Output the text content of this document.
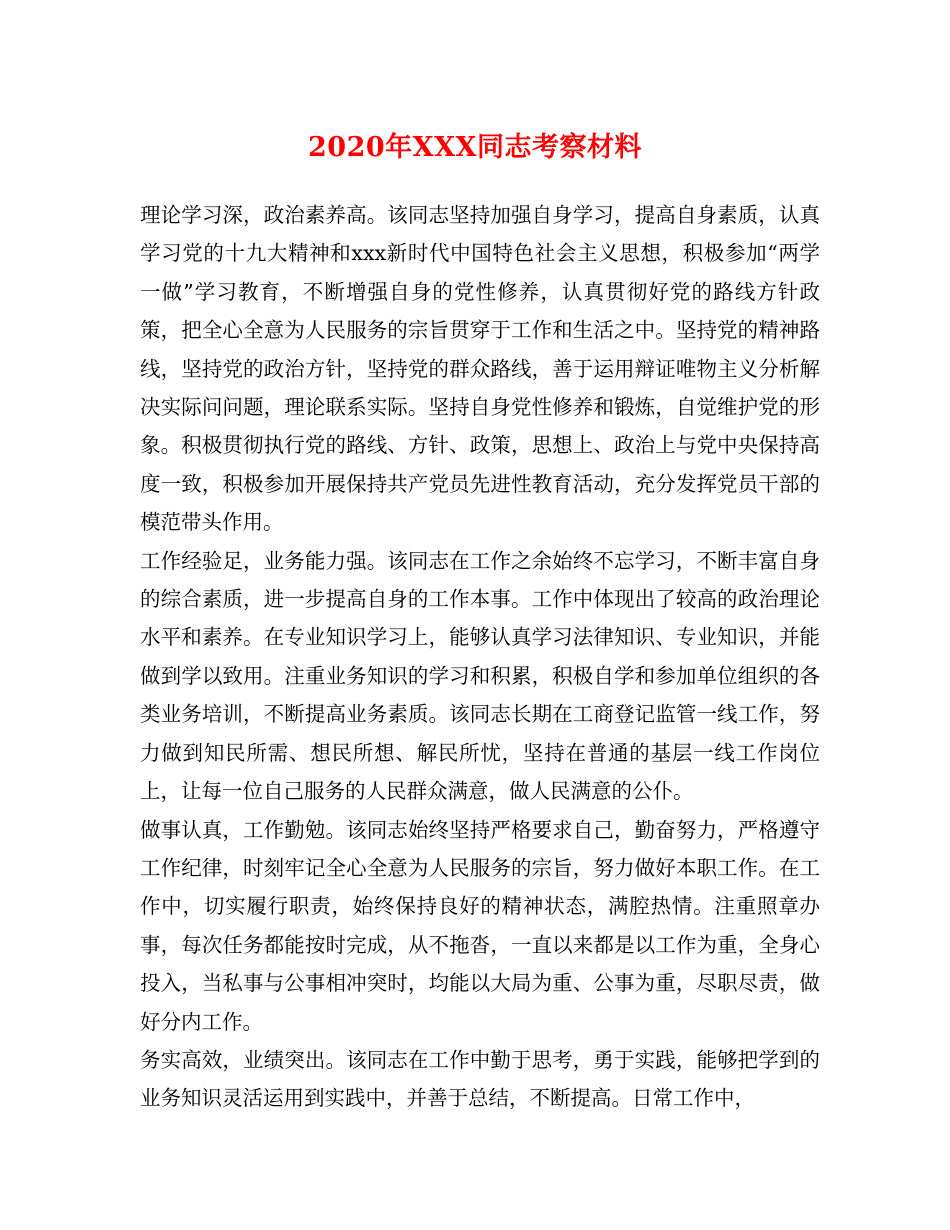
2020年XXX同志考察材料

理论学习深，政治素养高。该同志坚持加强自身学习，提高自身素质，认真学习党的十九大精神和xxx新时代中国特色社会主义思想，积极参加“两学一做”学习教育，不断增强自身的党性修养，认真贯彻好党的路线方针政策，把全心全意为人民服务的宗旨贯穿于工作和生活之中。坚持党的精神路线，坚持党的政治方针，坚持党的群众路线，善于运用辩证唯物主义分析解决实际问问题，理论联系实际。坚持自身党性修养和锻炼，自觉维护党的形象。积极贯彻执行党的路线、方针、政策，思想上、政治上与党中央保持高度一致，积极参加开展保持共产党员先进性教育活动，充分发挥党员干部的模范带头作用。

工作经验足，业务能力强。该同志在工作之余始终不忘学习，不断丰富自身的综合素质，进一步提高自身的工作本事。工作中体现出了较高的政治理论水平和素养。在专业知识学习上，能够认真学习法律知识、专业知识，并能做到学以致用。注重业务知识的学习和积累，积极自学和参加单位组织的各类业务培训，不断提高业务素质。该同志长期在工商登记监管一线工作，努力做到知民所需、想民所想、解民所忧，坚持在普通的基层一线工作岗位上，让每一位自己服务的人民群众满意，做人民满意的公仆。

做事认真，工作勤勉。该同志始终坚持严格要求自己，勤奋努力，严格遵守工作纪律，时刻牢记全心全意为人民服务的宗旨，努力做好本职工作。在工作中，切实履行职责，始终保持良好的精神状态，满腔热情。注重照章办事，每次任务都能按时完成，从不拖沓，一直以来都是以工作为重，全身心投入，当私事与公事相冲突时，均能以大局为重、公事为重，尽职尽责，做好分内工作。

务实高效，业绩突出。该同志在工作中勤于思考，勇于实践，能够把学到的业务知识灵活运用到实践中，并善于总结，不断提高。日常工作中，
